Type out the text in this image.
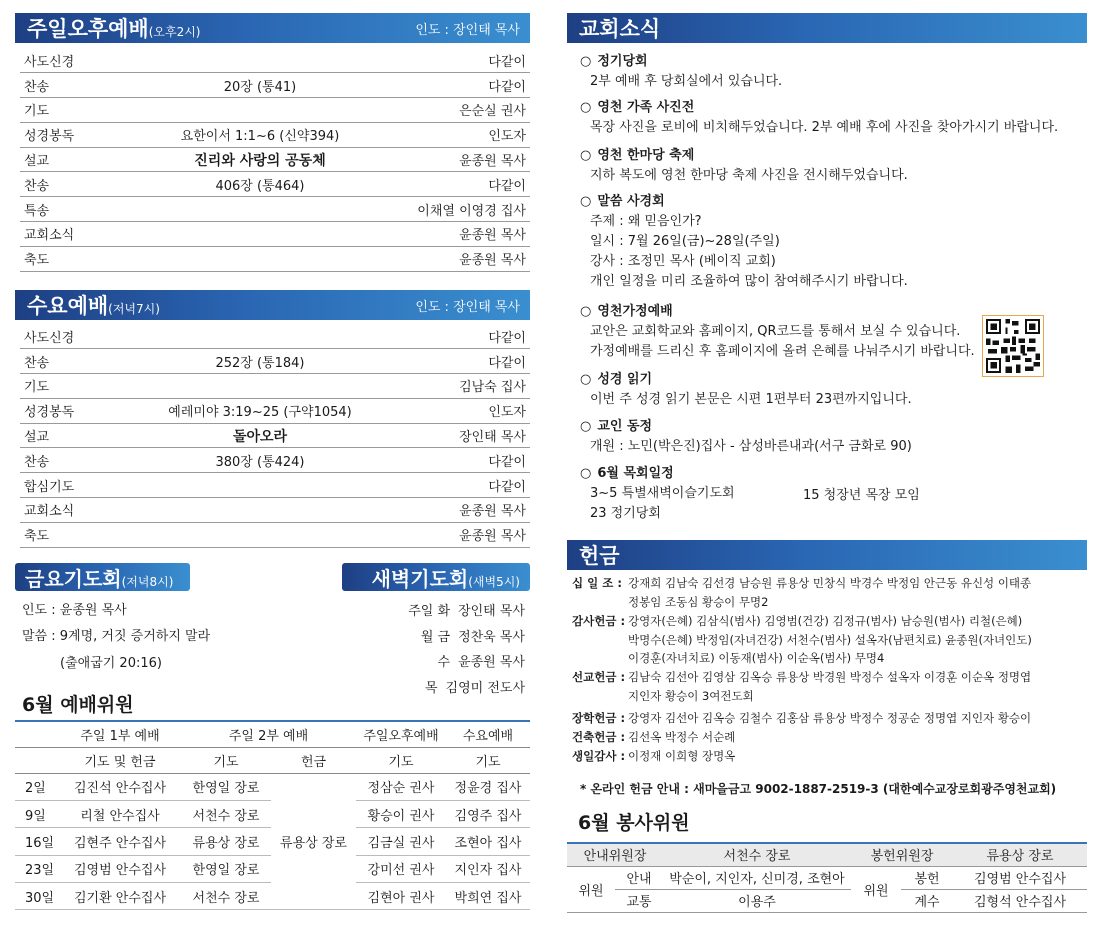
주일오후예배(오후2시)	인도 : 장인태 목사
사도신경		다같이
찬송	20장 (통41)	다같이
기도		은순실 권사
성경봉독	요한이서 1:1~6 (신약394)	인도자
설교	진리와 사랑의 공동체	윤종원 목사
찬송	406장 (통464)	다같이
특송		이채열 이영경 집사
교회소식		윤종원 목사
축도		윤종원 목사
수요예배(저녁7시)	인도 : 장인태 목사
사도신경		다같이
찬송	252장 (통184)	다같이
기도		김남숙 집사
성경봉독	예레미야 3:19~25 (구약1054)	인도자
설교	돌아오라	장인태 목사
찬송	380장 (통424)	다같이
합심기도		다같이
교회소식		윤종원 목사
축도		윤종원 목사
금요기도회(저녁8시)
인도 : 윤종원 목사
말씀 : 9계명, 거짓 증거하지 말라
(출애굽기 20:16)
새벽기도회(새벽5시)
주일 화 장인태 목사
월 금 정찬욱 목사
수 윤종원 목사
목 김영미 전도사
6월 예배위원
	주일 1부 예배	주일 2부 예배		주일오후예배	수요예배
	기도 및 헌금	기도	헌금	기도	기도
2일	김진석 안수집사	한영일 장로	류용상 장로	정삼순 권사	정윤경 집사
9일	리철 안수집사	서천수 장로		황승이 권사	김영주 집사
16일	김현주 안수집사	류용상 장로		김금실 권사	조현아 집사
23일	김영범 안수집사	한영일 장로		강미선 권사	지인자 집사
30일	김기환 안수집사	서천수 장로		김현아 권사	박희연 집사
교회소식
○ 정기당회
2부 예배 후 당회실에서 있습니다.
○ 영천 가족 사진전
목장 사진을 로비에 비치해두었습니다. 2부 예배 후에 사진을 찾아가시기 바랍니다.
○ 영천 한마당 축제
지하 복도에 영천 한마당 축제 사진을 전시해두었습니다.
○ 말씀 사경회
주제 : 왜 믿음인가?
일시 : 7월 26일(금)~28일(주일)
강사 : 조정민 목사 (베이직 교회)
개인 일정을 미리 조율하여 많이 참여해주시기 바랍니다.
○ 영천가정예배
교안은 교회학교와 홈페이지, QR코드를 통해서 보실 수 있습니다.
가정예배를 드리신 후 홈페이지에 올려 은혜를 나눠주시기 바랍니다.
○ 성경 읽기
이번 주 성경 읽기 본문은 시편 1편부터 23편까지입니다.
○ 교인 동정
개원 : 노민(박은진)집사 - 삼성바른내과(서구 금화로 90)
○ 6월 목회일정
3~5 특별새벽이슬기도회
23 정기당회
15 청장년 목장 모임
헌금
십 일 조 : 강재희 김남숙 김선경 남승원 류용상 민창식 박경수 박정임 안근동 유신성 이태종
정봉임 조동심 황승이 무명2
감사헌금 : 강영자(은혜) 김삼식(범사) 김영범(건강) 김정규(범사) 남승원(범사) 리철(은혜)
박명수(은혜) 박정임(자녀건강) 서천수(범사) 설옥자(남편치료) 윤종원(자녀인도)
이경훈(자녀치료) 이동재(범사) 이순옥(범사) 무명4
선교헌금 : 김남숙 김선아 김영삼 김옥승 류용상 박경원 박정수 설옥자 이경훈 이순옥 정명엽
지인자 황승이 3여전도회
장학헌금 : 강영자 김선아 김옥승 김철수 김홍삼 류용상 박정수 정공순 정명엽 지인자 황승이
건축헌금 : 김선옥 박정수 서순례
생일감사 : 이정재 이희형 장명옥
* 온라인 헌금 안내 : 새마을금고 9002-1887-2519-3 (대한예수교장로회광주영천교회)
6월 봉사위원
안내위원장		서천수 장로	봉헌위원장		류용상 장로
위원	안내	박순이, 지인자, 신미경, 조현아	위원	봉헌	김영범 안수집사
	교통	이용주		계수	김형석 안수집사
